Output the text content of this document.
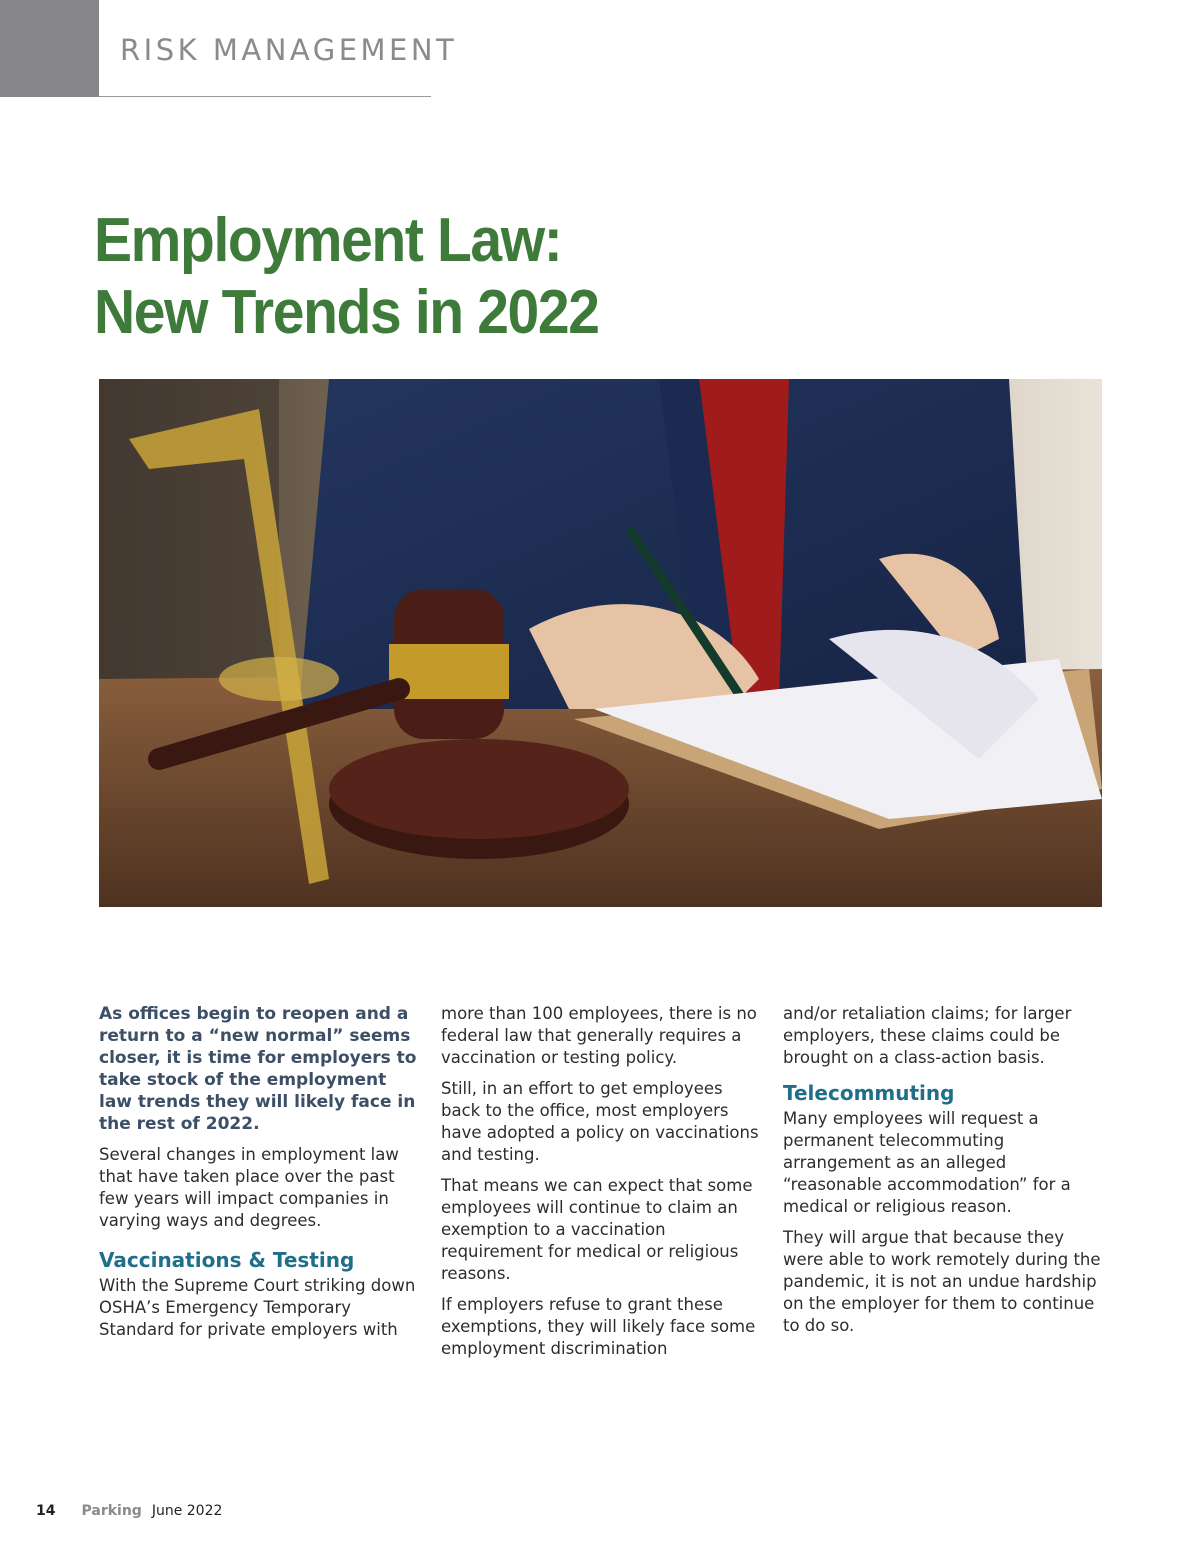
RISK MANAGEMENT
Employment Law:
New Trends in 2022

As offices begin to reopen and a return to a “new normal” seems closer, it is time for employers to take stock of the employment law trends they will likely face in the rest of 2022.

Several changes in employment law that have taken place over the past few years will impact companies in varying ways and degrees.

Vaccinations & Testing

With the Supreme Court striking down OSHA’s Emergency Temporary Standard for private employers with

more than 100 employees, there is no federal law that generally requires a vaccination or testing policy.

Still, in an effort to get employees back to the office, most employers have adopted a policy on vaccinations and testing.

That means we can expect that some employees will continue to claim an exemption to a vaccination requirement for medical or religious reasons.

If employers refuse to grant these exemptions, they will likely face some employment discrimination

and/or retaliation claims; for larger employers, these claims could be brought on a class-action basis.

Telecommuting

Many employees will request a permanent telecommuting arrangement as an alleged “reasonable accommodation” for a medical or religious reason.

They will argue that because they were able to work remotely during the pandemic, it is not an undue hardship on the employer for them to continue to do so.

14 Parking June 2022
